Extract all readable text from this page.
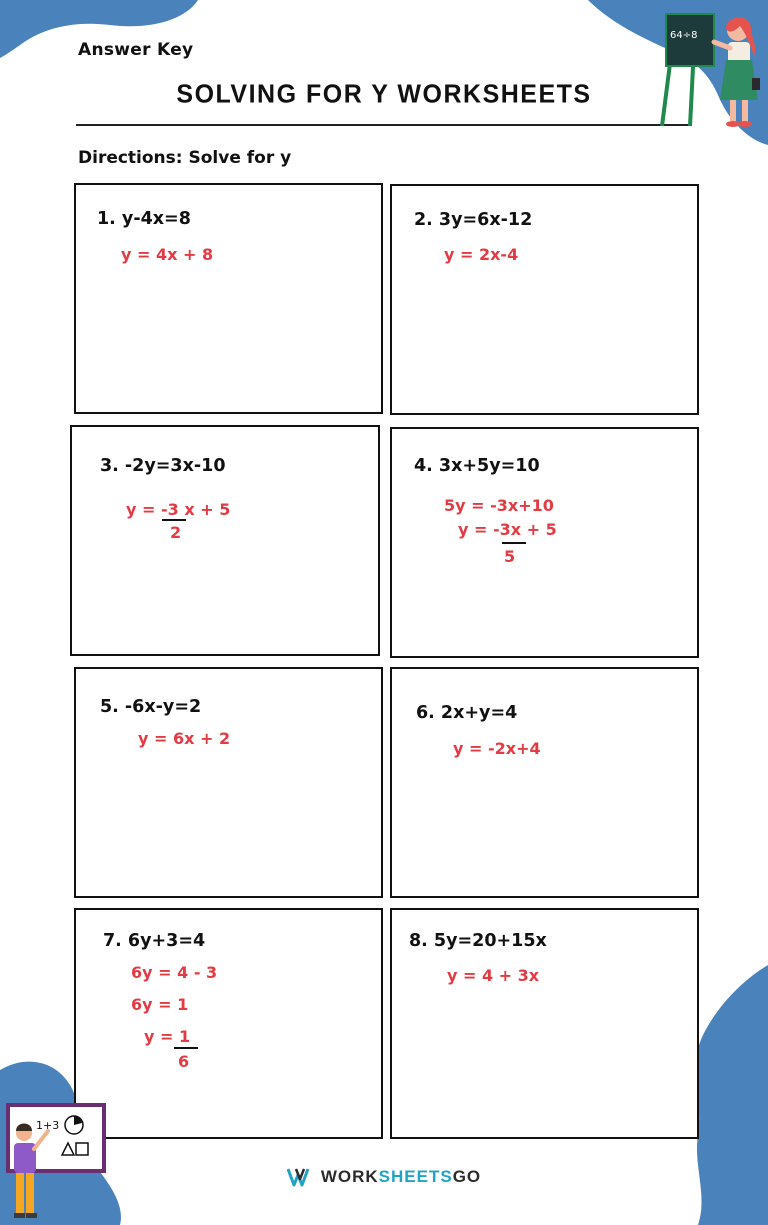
Answer Key
SOLVING FOR Y WORKSHEETS
Directions: Solve for y
1. y-4x=8
y = 4x + 8
2. 3y=6x-12
y = 2x-4
3. -2y=3x-10
y = -3 x + 5
2
4. 3x+5y=10
5y = -3x+10
y = -3x + 5
5
5. -6x-y=2
y = 6x + 2
6. 2x+y=4
y = -2x+4
7. 6y+3=4
6y = 4 - 3
6y = 1
y = 1
6
8. 5y=20+15x
y = 4 + 3x
64÷8
1+3
WORKSHEETSGO
